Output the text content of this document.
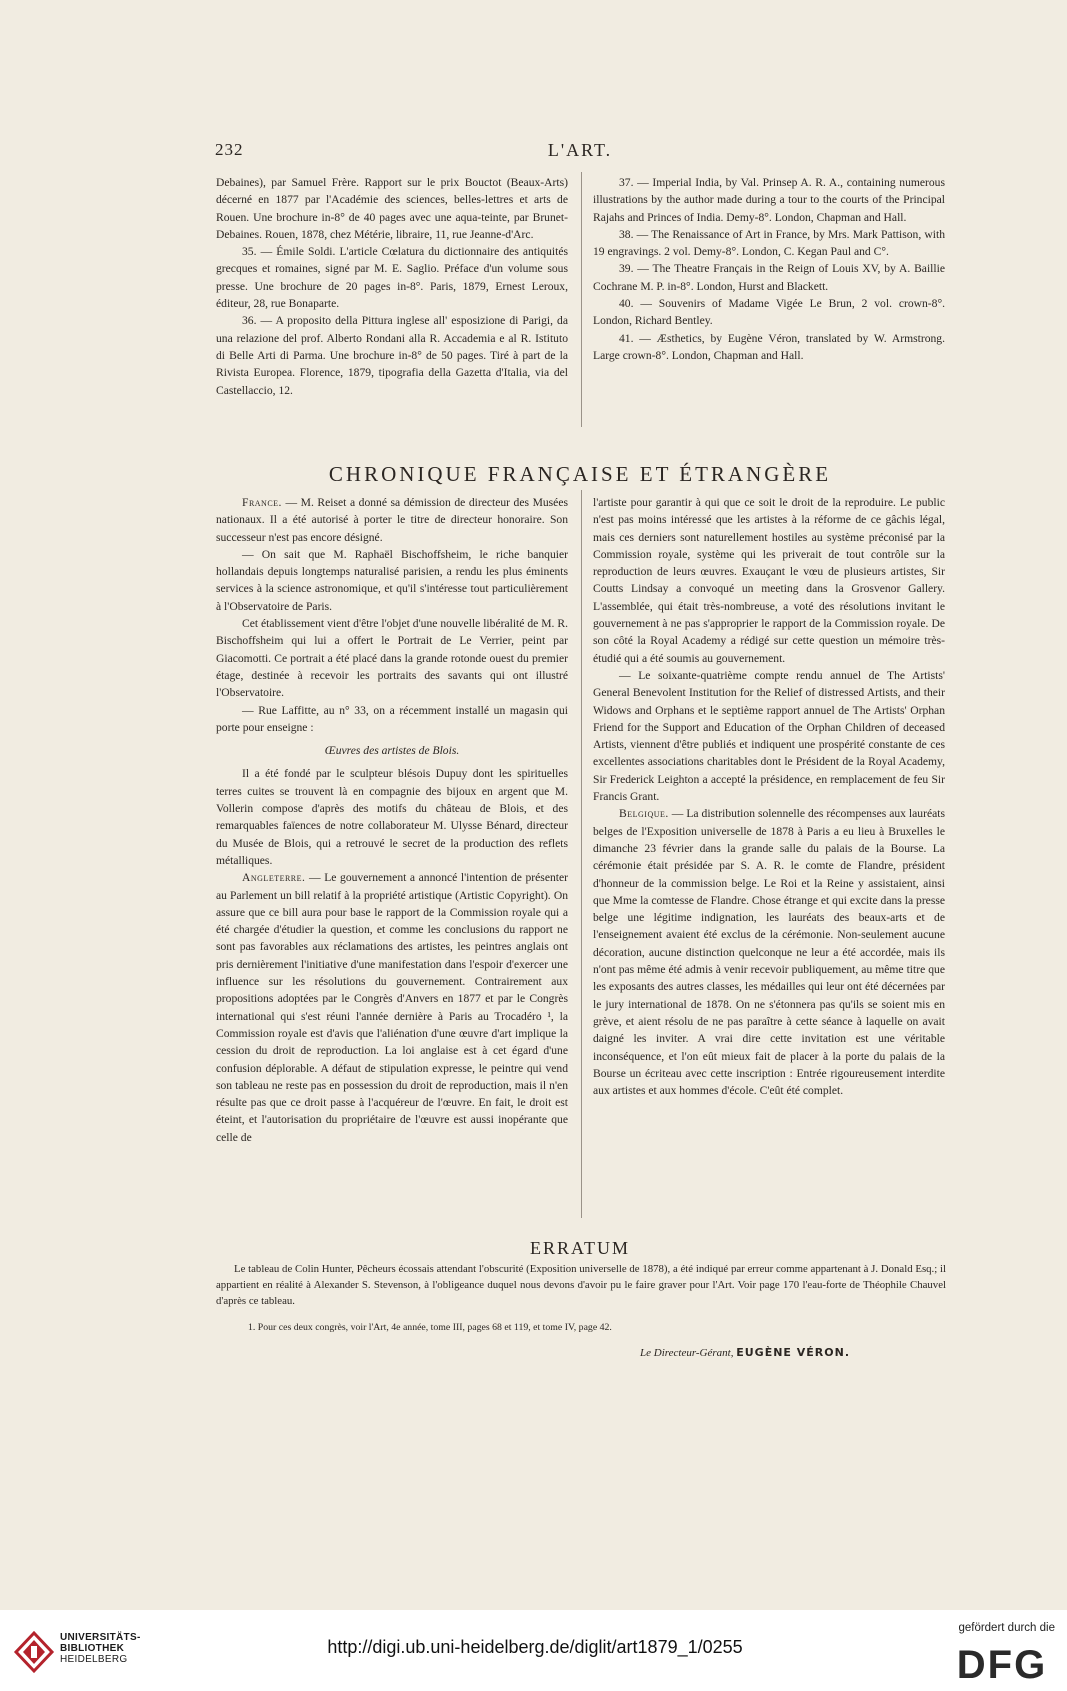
232	L'ART.

Debaines), par Samuel Frère. Rapport sur le prix Bouctot (Beaux-Arts) décerné en 1877 par l'Académie des sciences, belles-lettres et arts de Rouen. Une brochure in-8° de 40 pages avec une aqua-teinte, par Brunet-Debaines. Rouen, 1878, chez Métérie, libraire, 11, rue Jeanne-d'Arc.

35. — Émile Soldi. L'article Cœlatura du dictionnaire des antiquités grecques et romaines, signé par M. E. Saglio. Préface d'un volume sous presse. Une brochure de 20 pages in-8°. Paris, 1879, Ernest Leroux, éditeur, 28, rue Bonaparte.

36. — A proposito della Pittura inglese all' esposizione di Parigi, da una relazione del prof. Alberto Rondani alla R. Accademia e al R. Istituto di Belle Arti di Parma. Une brochure in-8° de 50 pages. Tiré à part de la Rivista Europea. Florence, 1879, tipografia della Gazetta d'Italia, via del Castellaccio, 12.

37. — Imperial India, by Val. Prinsep A. R. A., containing numerous illustrations by the author made during a tour to the courts of the Principal Rajahs and Princes of India. Demy-8°. London, Chapman and Hall.

38. — The Renaissance of Art in France, by Mrs. Mark Pattison, with 19 engravings. 2 vol. Demy-8°. London, C. Kegan Paul and C°.

39. — The Theatre Français in the Reign of Louis XV, by A. Baillie Cochrane M. P. in-8°. London, Hurst and Blackett.

40. — Souvenirs of Madame Vigée Le Brun, 2 vol. crown-8°. London, Richard Bentley.

41. — Æsthetics, by Eugène Véron, translated by W. Armstrong. Large crown-8°. London, Chapman and Hall.

CHRONIQUE FRANÇAISE ET ÉTRANGÈRE

France. — M. Reiset a donné sa démission de directeur des Musées nationaux. Il a été autorisé à porter le titre de directeur honoraire. Son successeur n'est pas encore désigné.

— On sait que M. Raphaël Bischoffsheim, le riche banquier hollandais depuis longtemps naturalisé parisien, a rendu les plus éminents services à la science astronomique, et qu'il s'intéresse tout particulièrement à l'Observatoire de Paris.

Cet établissement vient d'être l'objet d'une nouvelle libéralité de M. R. Bischoffsheim qui lui a offert le Portrait de Le Verrier, peint par Giacomotti. Ce portrait a été placé dans la grande rotonde ouest du premier étage, destinée à recevoir les portraits des savants qui ont illustré l'Observatoire.

— Rue Laffitte, au n° 33, on a récemment installé un magasin qui porte pour enseigne :

Œuvres des artistes de Blois.

Il a été fondé par le sculpteur blésois Dupuy dont les spirituelles terres cuites se trouvent là en compagnie des bijoux en argent que M. Vollerin compose d'après des motifs du château de Blois, et des remarquables faïences de notre collaborateur M. Ulysse Bénard, directeur du Musée de Blois, qui a retrouvé le secret de la production des reflets métalliques.

Angleterre. — Le gouvernement a annoncé l'intention de présenter au Parlement un bill relatif à la propriété artistique (Artistic Copyright). On assure que ce bill aura pour base le rapport de la Commission royale qui a été chargée d'étudier la question, et comme les conclusions du rapport ne sont pas favorables aux réclamations des artistes, les peintres anglais ont pris dernièrement l'initiative d'une manifestation dans l'espoir d'exercer une influence sur les résolutions du gouvernement. Contrairement aux propositions adoptées par le Congrès d'Anvers en 1877 et par le Congrès international qui s'est réuni l'année dernière à Paris au Trocadéro ¹, la Commission royale est d'avis que l'aliénation d'une œuvre d'art implique la cession du droit de reproduction. La loi anglaise est à cet égard d'une confusion déplorable. A défaut de stipulation expresse, le peintre qui vend son tableau ne reste pas en possession du droit de reproduction, mais il n'en résulte pas que ce droit passe à l'acquéreur de l'œuvre. En fait, le droit est éteint, et l'autorisation du propriétaire de l'œuvre est aussi inopérante que celle de

l'artiste pour garantir à qui que ce soit le droit de la reproduire. Le public n'est pas moins intéressé que les artistes à la réforme de ce gâchis légal, mais ces derniers sont naturellement hostiles au système préconisé par la Commission royale, système qui les priverait de tout contrôle sur la reproduction de leurs œuvres. Exauçant le vœu de plusieurs artistes, Sir Coutts Lindsay a convoqué un meeting dans la Grosvenor Gallery. L'assemblée, qui était très-nombreuse, a voté des résolutions invitant le gouvernement à ne pas s'approprier le rapport de la Commission royale. De son côté la Royal Academy a rédigé sur cette question un mémoire très-étudié qui a été soumis au gouvernement.

— Le soixante-quatrième compte rendu annuel de The Artists' General Benevolent Institution for the Relief of distressed Artists, and their Widows and Orphans et le septième rapport annuel de The Artists' Orphan Friend for the Support and Education of the Orphan Children of deceased Artists, viennent d'être publiés et indiquent une prospérité constante de ces excellentes associations charitables dont le Président de la Royal Academy, Sir Frederick Leighton a accepté la présidence, en remplacement de feu Sir Francis Grant.

Belgique. — La distribution solennelle des récompenses aux lauréats belges de l'Exposition universelle de 1878 à Paris a eu lieu à Bruxelles le dimanche 23 février dans la grande salle du palais de la Bourse. La cérémonie était présidée par S. A. R. le comte de Flandre, président d'honneur de la commission belge. Le Roi et la Reine y assistaient, ainsi que Mme la comtesse de Flandre. Chose étrange et qui excite dans la presse belge une légitime indignation, les lauréats des beaux-arts et de l'enseignement avaient été exclus de la cérémonie. Non-seulement aucune décoration, aucune distinction quelconque ne leur a été accordée, mais ils n'ont pas même été admis à venir recevoir publiquement, au même titre que les exposants des autres classes, les médailles qui leur ont été décernées par le jury international de 1878. On ne s'étonnera pas qu'ils se soient mis en grève, et aient résolu de ne pas paraître à cette séance à laquelle on avait daigné les inviter. A vrai dire cette invitation est une véritable inconséquence, et l'on eût mieux fait de placer à la porte du palais de la Bourse un écriteau avec cette inscription : Entrée rigoureusement interdite aux artistes et aux hommes d'école. C'eût été complet.

ERRATUM

Le tableau de Colin Hunter, Pêcheurs écossais attendant l'obscurité (Exposition universelle de 1878), a été indiqué par erreur comme appartenant à J. Donald Esq.; il appartient en réalité à Alexander S. Stevenson, à l'obligeance duquel nous devons d'avoir pu le faire graver pour l'Art. Voir page 170 l'eau-forte de Théophile Chauvel d'après ce tableau.

1. Pour ces deux congrès, voir l'Art, 4e année, tome III, pages 68 et 119, et tome IV, page 42.
Le Directeur-Gérant, EUGÈNE VÉRON.
UNIVERSITÄTS-
BIBLIOTHEK
HEIDELBERG
http://digi.ub.uni-heidelberg.de/diglit/art1879_1/0255
gefördert durch die
DFG
